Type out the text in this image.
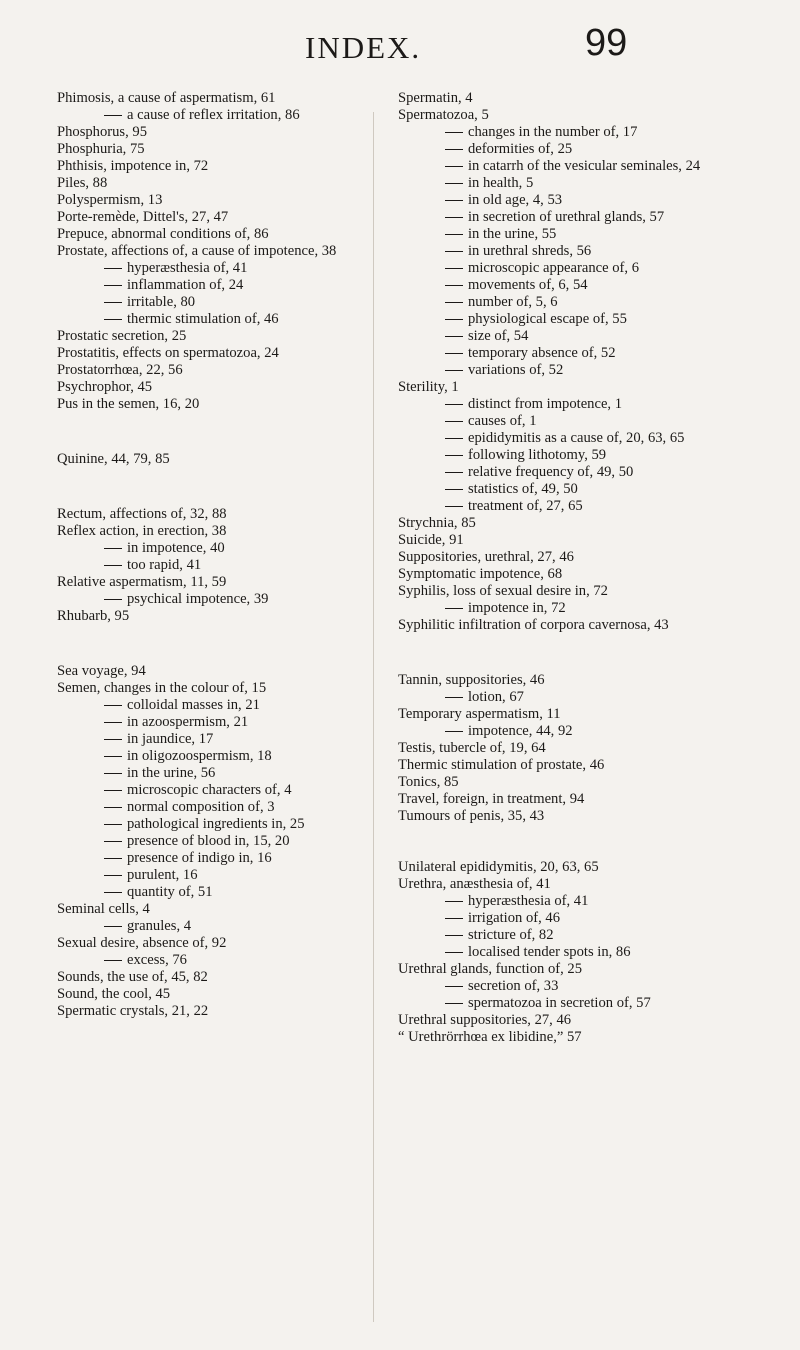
INDEX.	99

Phimosis, a cause of aspermatism, 61

a cause of reflex irritation, 86

Phosphorus, 95

Phosphuria, 75

Phthisis, impotence in, 72

Piles, 88

Polyspermism, 13

Porte-remède, Dittel's, 27, 47

Prepuce, abnormal conditions of, 86

Prostate, affections of, a cause of impotence, 38

hyperæsthesia of, 41

inflammation of, 24

irritable, 80

thermic stimulation of, 46

Prostatic secretion, 25

Prostatitis, effects on spermatozoa, 24

Prostatorrhœa, 22, 56

Psychrophor, 45

Pus in the semen, 16, 20

Quinine, 44, 79, 85

Rectum, affections of, 32, 88

Reflex action, in erection, 38

in impotence, 40

too rapid, 41

Relative aspermatism, 11, 59

psychical impotence, 39

Rhubarb, 95

Sea voyage, 94

Semen, changes in the colour of, 15

colloidal masses in, 21

in azoospermism, 21

in jaundice, 17

in oligozoospermism, 18

in the urine, 56

microscopic characters of, 4

normal composition of, 3

pathological ingredients in, 25

presence of blood in, 15, 20

presence of indigo in, 16

purulent, 16

quantity of, 51

Seminal cells, 4

granules, 4

Sexual desire, absence of, 92

excess, 76

Sounds, the use of, 45, 82

Sound, the cool, 45

Spermatic crystals, 21, 22

Spermatin, 4

Spermatozoa, 5

changes in the number of, 17

deformities of, 25

in catarrh of the vesicular seminales, 24

in health, 5

in old age, 4, 53

in secretion of urethral glands, 57

in the urine, 55

in urethral shreds, 56

microscopic appearance of, 6

movements of, 6, 54

number of, 5, 6

physiological escape of, 55

size of, 54

temporary absence of, 52

variations of, 52

Sterility, 1

distinct from impotence, 1

causes of, 1

epididymitis as a cause of, 20, 63, 65

following lithotomy, 59

relative frequency of, 49, 50

statistics of, 49, 50

treatment of, 27, 65

Strychnia, 85

Suicide, 91

Suppositories, urethral, 27, 46

Symptomatic impotence, 68

Syphilis, loss of sexual desire in, 72

impotence in, 72

Syphilitic infiltration of corpora cavernosa, 43

Tannin, suppositories, 46

lotion, 67

Temporary aspermatism, 11

impotence, 44, 92

Testis, tubercle of, 19, 64

Thermic stimulation of prostate, 46

Tonics, 85

Travel, foreign, in treatment, 94

Tumours of penis, 35, 43

Unilateral epididymitis, 20, 63, 65

Urethra, anæsthesia of, 41

hyperæsthesia of, 41

irrigation of, 46

stricture of, 82

localised tender spots in, 86

Urethral glands, function of, 25

secretion of, 33

spermatozoa in secretion of, 57

Urethral suppositories, 27, 46

“ Urethrörrhœa ex libidine,” 57
